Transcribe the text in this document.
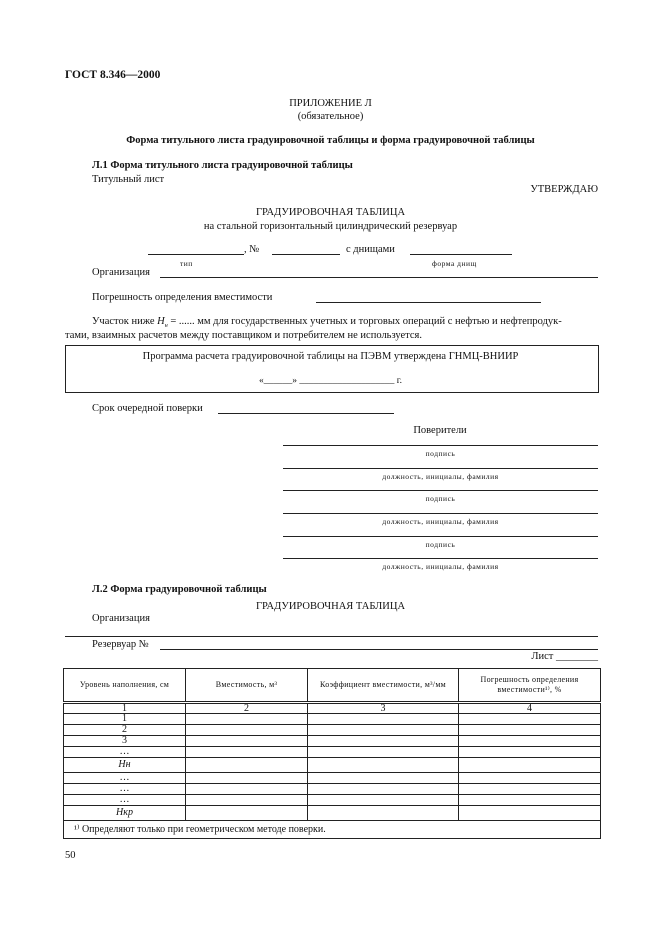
ГОСТ 8.346—2000
ПРИЛОЖЕНИЕ Л
(обязательное)
Форма титульного листа градуировочной таблицы и форма градуировочной таблицы
Л.1 Форма титульного листа градуировочной таблицы
Титульный лист
УТВЕРЖДАЮ
ГРАДУИРОВОЧНАЯ ТАБЛИЦА
на стальной горизонтальный цилиндрический резервуар
, №	с днищами
тип	форма днищ
Организация
Погрешность определения вместимости
Участок ниже $H_н$ = ...... мм для государственных учетных и торговых операций с нефтью и нефтепродук-
тами, взаимных расчетов между поставщиком и потребителем не используется.
Программа расчета градуировочной таблицы на ПЭВМ утверждена ГНМЦ-ВНИИР
«______» ____________________ г.
Срок очередной поверки
Поверители
подпись
должность, инициалы, фамилия
подпись
должность, инициалы, фамилия
подпись
должность, инициалы, фамилия
Л.2 Форма градуировочной таблицы
ГРАДУИРОВОЧНАЯ ТАБЛИЦА
Организация
Резервуар №
Лист ________
Уровень наполнения, см	Вместимость, м³	Коэффициент вместимости, м³/мм	Погрешность определения вместимости¹⁾, %
1	2	3	4
1			
2			
3			
…			
Hн			
…			
…			
…			
Hкр			
¹⁾ Определяют только при геометрическом методе поверки.			
50
